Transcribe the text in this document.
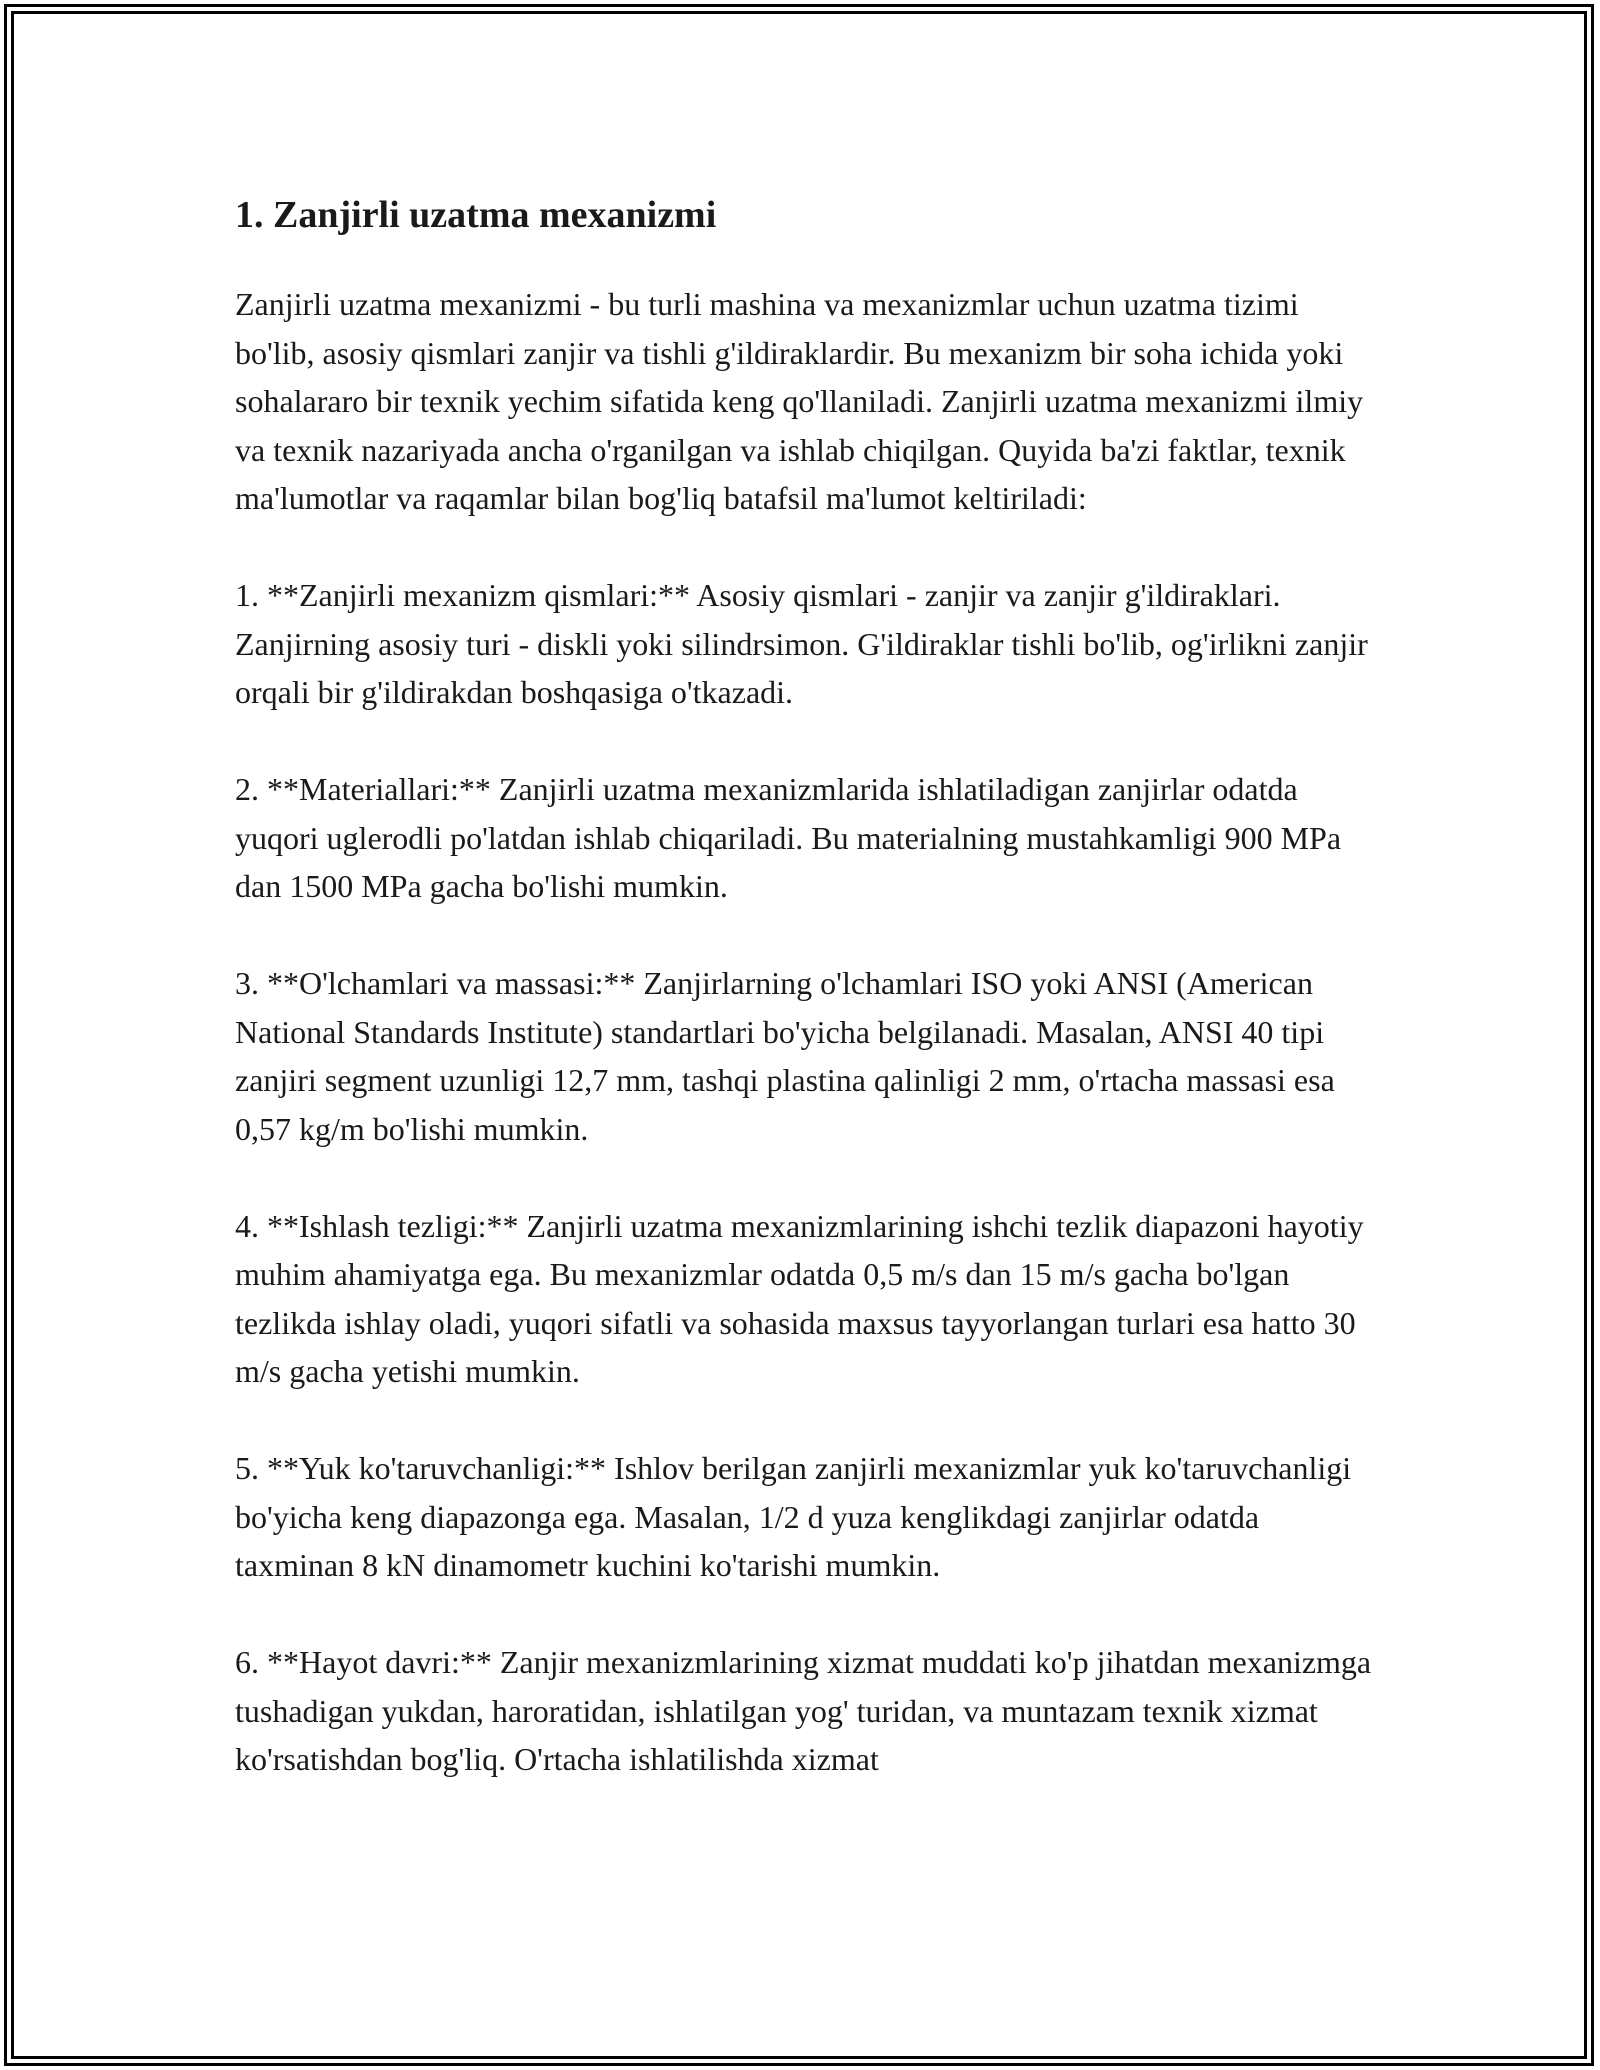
1. Zanjirli uzatma mexanizmi

Zanjirli uzatma mexanizmi - bu turli mashina va mexanizmlar uchun uzatma tizimi bo'lib, asosiy qismlari zanjir va tishli g'ildiraklardir. Bu mexanizm bir soha ichida yoki sohalararo bir texnik yechim sifatida keng qo'llaniladi. Zanjirli uzatma mexanizmi ilmiy va texnik nazariyada ancha o'rganilgan va ishlab chiqilgan. Quyida ba'zi faktlar, texnik ma'lumotlar va raqamlar bilan bog'liq batafsil ma'lumot keltiriladi:

1. **Zanjirli mexanizm qismlari:** Asosiy qismlari - zanjir va zanjir g'ildiraklari. Zanjirning asosiy turi - diskli yoki silindrsimon. G'ildiraklar tishli bo'lib, og'irlikni zanjir orqali bir g'ildirakdan boshqasiga o'tkazadi.

2. **Materiallari:** Zanjirli uzatma mexanizmlarida ishlatiladigan zanjirlar odatda yuqori uglerodli po'latdan ishlab chiqariladi. Bu materialning mustahkamligi 900 MPa dan 1500 MPa gacha bo'lishi mumkin.

3. **O'lchamlari va massasi:** Zanjirlarning o'lchamlari ISO yoki ANSI (American National Standards Institute) standartlari bo'yicha belgilanadi. Masalan, ANSI 40 tipi zanjiri segment uzunligi 12,7 mm, tashqi plastina qalinligi 2 mm, o'rtacha massasi esa 0,57 kg/m bo'lishi mumkin.

4. **Ishlash tezligi:** Zanjirli uzatma mexanizmlarining ishchi tezlik diapazoni hayotiy muhim ahamiyatga ega. Bu mexanizmlar odatda 0,5 m/s dan 15 m/s gacha bo'lgan tezlikda ishlay oladi, yuqori sifatli va sohasida maxsus tayyorlangan turlari esa hatto 30 m/s gacha yetishi mumkin.

5. **Yuk ko'taruvchanligi:** Ishlov berilgan zanjirli mexanizmlar yuk ko'taruvchanligi bo'yicha keng diapazonga ega. Masalan, 1/2 d yuza kenglikdagi zanjirlar odatda taxminan 8 kN dinamometr kuchini ko'tarishi mumkin.

6. **Hayot davri:** Zanjir mexanizmlarining xizmat muddati ko'p jihatdan mexanizmga tushadigan yukdan, haroratidan, ishlatilgan yog' turidan, va muntazam texnik xizmat ko'rsatishdan bog'liq. O'rtacha ishlatilishda xizmat
